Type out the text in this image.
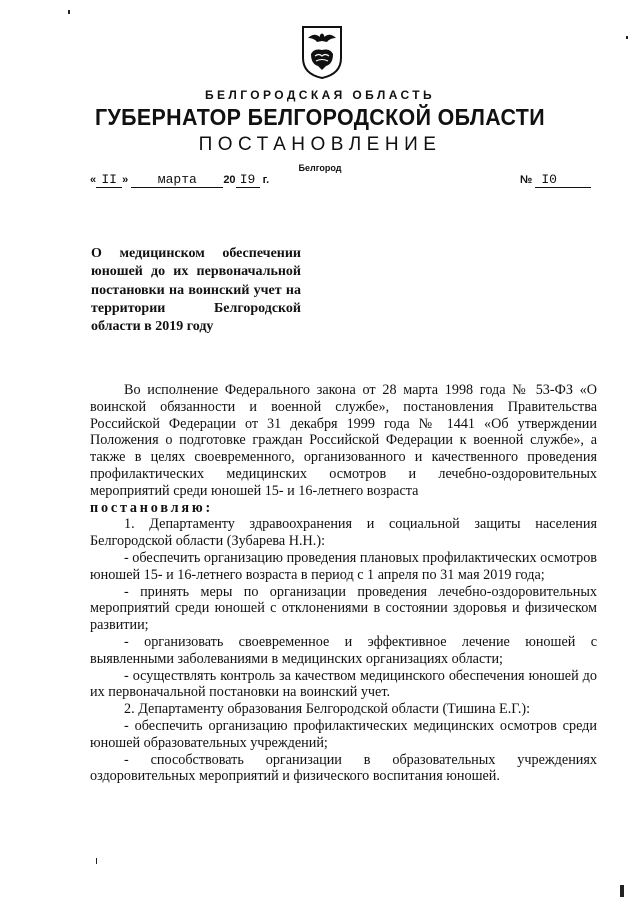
БЕЛГОРОДСКАЯ ОБЛАСТЬ
ГУБЕРНАТОР БЕЛГОРОДСКОЙ ОБЛАСТИ
ПОСТАНОВЛЕНИЕ
Белгород
« II » марта 20 I9 г.	№ I0
О медицинском обеспечении юношей до их первоначальной постановки на воинский учет на территории Белгородской области в 2019 году

Во исполнение Федерального закона от 28 марта 1998 года № 53-ФЗ «О воинской обязанности и военной службе», постановления Правительства Российской Федерации от 31 декабря 1999 года № 1441 «Об утверждении Положения о подготовке граждан Российской Федерации к военной службе», а также в целях своевременного, организованного и качественного проведения профилактических медицинских осмотров и лечебно-оздоровительных мероприятий среди юношей 15- и 16-летнего возраста

постановляю:

1. Департаменту здравоохранения и социальной защиты населения Белгородской области (Зубарева Н.Н.):

- обеспечить организацию проведения плановых профилактических осмотров юношей 15- и 16-летнего возраста в период с 1 апреля по 31 мая 2019 года;

- принять меры по организации проведения лечебно-оздоровительных мероприятий среди юношей с отклонениями в состоянии здоровья и физическом развитии;

- организовать своевременное и эффективное лечение юношей с выявленными заболеваниями в медицинских организациях области;

- осуществлять контроль за качеством медицинского обеспечения юношей до их первоначальной постановки на воинский учет.

2. Департаменту образования Белгородской области (Тишина Е.Г.):

- обеспечить организацию профилактических медицинских осмотров среди юношей образовательных учреждений;

- способствовать организации в образовательных учреждениях оздоровительных мероприятий и физического воспитания юношей.
